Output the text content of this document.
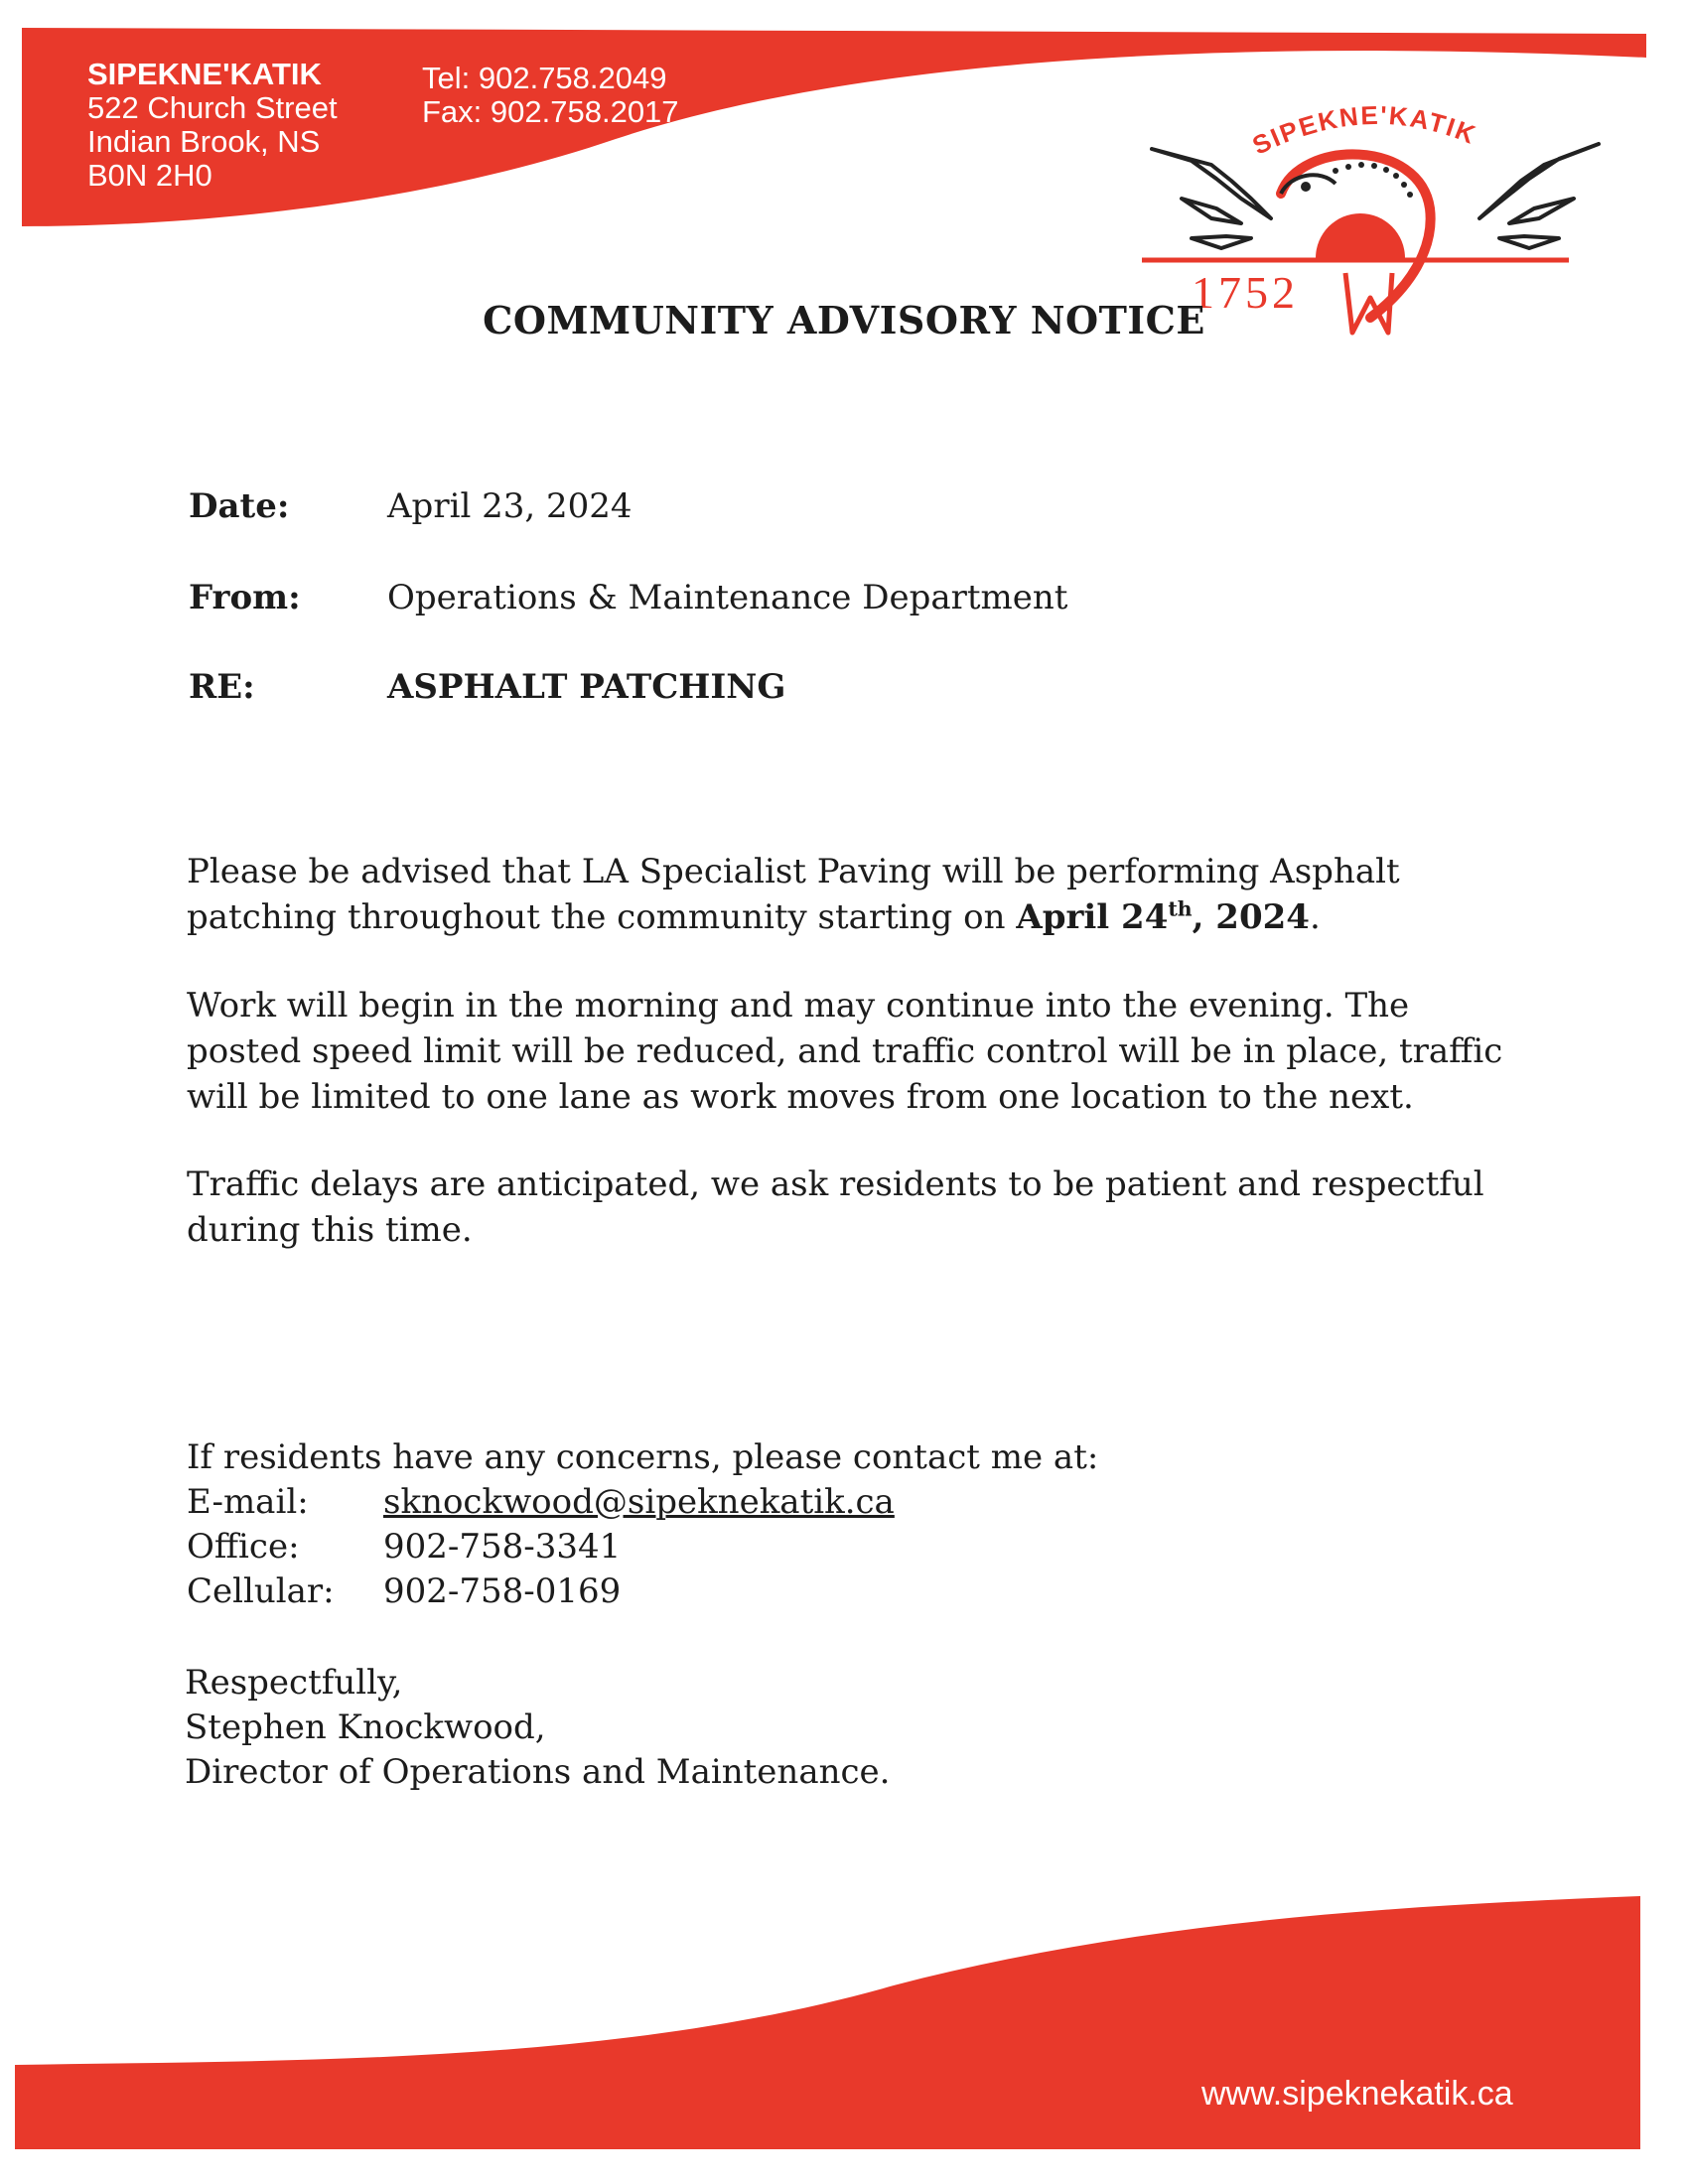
SIPEKNE'KATIK
522 Church Street
Indian Brook, NS
B0N 2H0
Tel: 902.758.2049
Fax: 902.758.2017
SIPEKNE'KATIK
1752
COMMUNITY ADVISORY NOTICE
Date:	April 23, 2024
From:	Operations & Maintenance Department
RE:	ASPHALT PATCHING

Please be advised that LA Specialist Paving will be performing Asphalt
patching throughout the community starting on April 24th, 2024.

Work will begin in the morning and may continue into the evening. The
posted speed limit will be reduced, and traffic control will be in place, traffic
will be limited to one lane as work moves from one location to the next.

Traffic delays are anticipated, we ask residents to be patient and respectful
during this time.

If residents have any concerns, please contact me at:
E-mail: sknockwood@sipeknekatik.ca
Office: 902-758-3341
Cellular: 902-758-0169
Respectfully,
Stephen Knockwood,
Director of Operations and Maintenance.
www.sipeknekatik.ca
